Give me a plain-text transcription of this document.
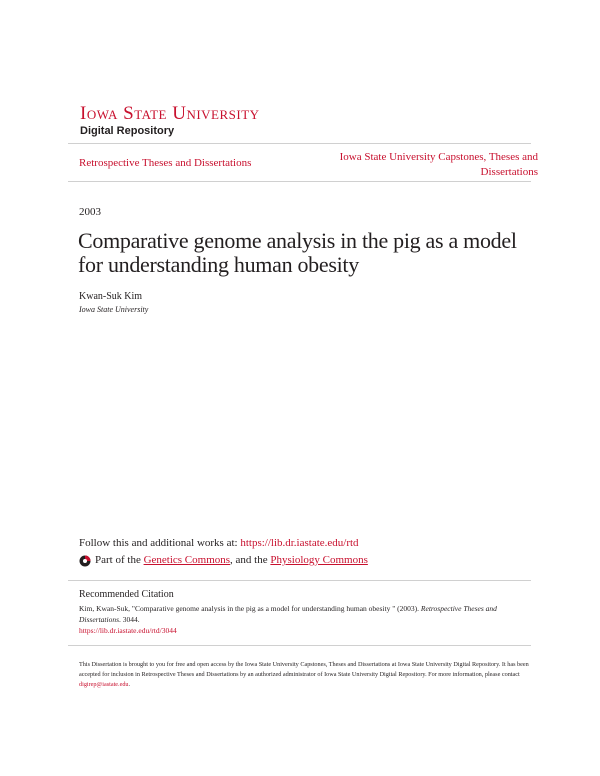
Iowa State University
Digital Repository
Retrospective Theses and Dissertations	Iowa State University Capstones, Theses and Dissertations
2003
Comparative genome analysis in the pig as a model for understanding human obesity
Kwan-Suk Kim
Iowa State University
Follow this and additional works at: https://lib.dr.iastate.edu/rtd
Part of the
Genetics Commons , and the
Physiology Commons
Recommended Citation
Kim, Kwan-Suk, "Comparative genome analysis in the pig as a model for understanding human obesity " (2003). Retrospective Theses and Dissertations. 3044.
https://lib.dr.iastate.edu/rtd/3044
This Dissertation is brought to you for free and open access by the Iowa State University Capstones, Theses and Dissertations at Iowa State University Digital Repository. It has been accepted for inclusion in Retrospective Theses and Dissertations by an authorized administrator of Iowa State University Digital Repository. For more information, please contact digirep@iastate.edu.
